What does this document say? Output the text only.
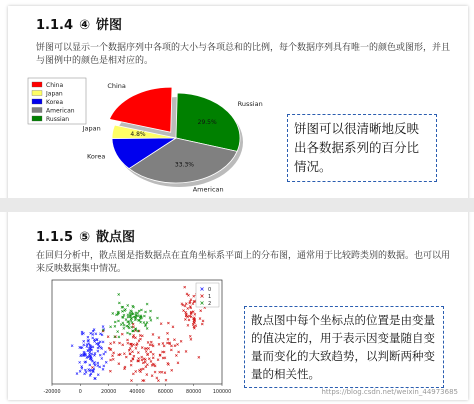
1.1.4 ④ 饼图
饼图可以显示一个数据序列中各项的大小与各项总和的比例，每个数据序列具有唯一的颜色或图形，并且与图例中的颜色是相对应的。
Russian
29.5%
American
33.3%
Korea
Japan
4.8%
China
China
Japan
Korea
American
Russian
饼图可以很清晰地反映出各数据系列的百分比情况。
1.1.5 ⑤ 散点图
在回归分析中，散点图是指数据点在直角坐标系平面上的分布图，通常用于比较跨类别的数据。也可以用来反映数据集中情况。
-20000	0	20000	40000	60000	80000 100000
0
1
2
散点图中每个坐标点的位置是由变量的值决定的，用于表示因变量随自变量而变化的大致趋势，以判断两种变量的相关性。
https://blog.csdn.net/weixin_44973685
